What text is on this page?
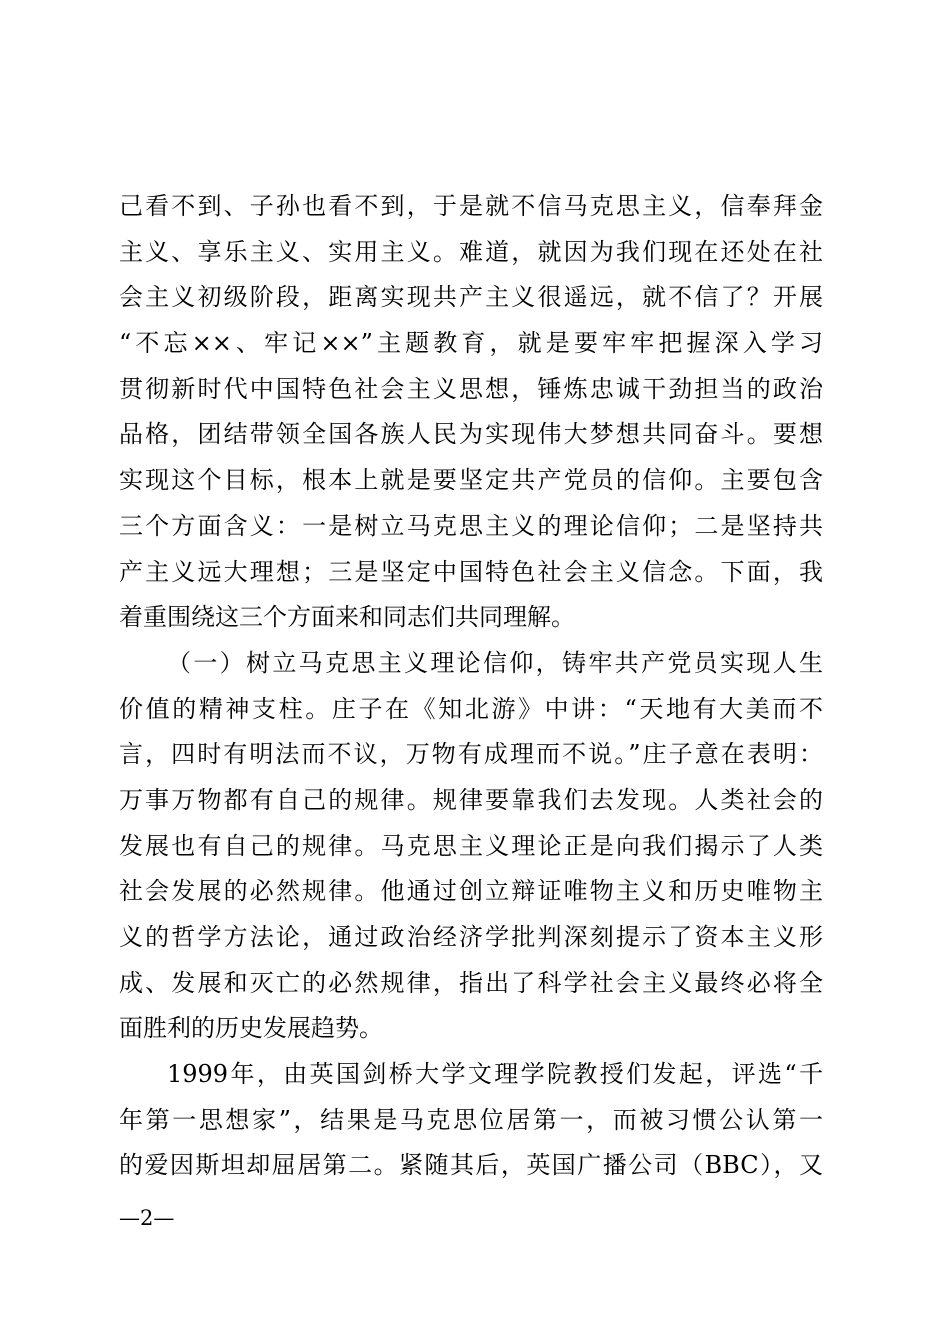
己看不到、子孙也看不到，于是就不信马克思主义，信奉拜金
主义、享乐主义、实用主义。难道，就因为我们现在还处在社
会主义初级阶段，距离实现共产主义很遥远，就不信了？开展
“不忘××、牢记××”主题教育，就是要牢牢把握深入学习
贯彻新时代中国特色社会主义思想，锤炼忠诚干劲担当的政治
品格，团结带领全国各族人民为实现伟大梦想共同奋斗。要想
实现这个目标，根本上就是要坚定共产党员的信仰。主要包含
三个方面含义：一是树立马克思主义的理论信仰；二是坚持共
产主义远大理想；三是坚定中国特色社会主义信念。下面，我
着重围绕这三个方面来和同志们共同理解。
（一）树立马克思主义理论信仰，铸牢共产党员实现人生
价值的精神支柱。庄子在《知北游》中讲：“天地有大美而不
言，四时有明法而不议，万物有成理而不说。”庄子意在表明：
万事万物都有自己的规律。规律要靠我们去发现。人类社会的
发展也有自己的规律。马克思主义理论正是向我们揭示了人类
社会发展的必然规律。他通过创立辩证唯物主义和历史唯物主
义的哲学方法论，通过政治经济学批判深刻提示了资本主义形
成、发展和灭亡的必然规律，指出了科学社会主义最终必将全
面胜利的历史发展趋势。
1999年，由英国剑桥大学文理学院教授们发起，评选“千
年第一思想家”，结果是马克思位居第一，而被习惯公认第一
的爱因斯坦却屈居第二。紧随其后，英国广播公司（BBC），又
—2—
